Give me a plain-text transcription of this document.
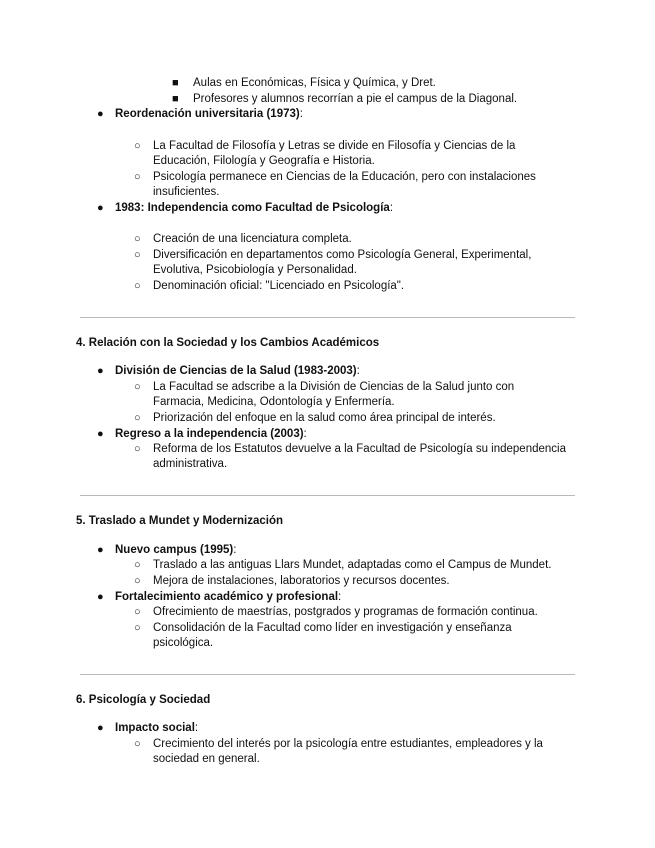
■ Aulas en Económicas, Física y Química, y Dret.
■ Profesores y alumnos recorrían a pie el campus de la Diagonal.
● Reordenación universitaria (1973):
○ La Facultad de Filosofía y Letras se divide en Filosofía y Ciencias de la
Educación, Filología y Geografía e Historia.
○ Psicología permanece en Ciencias de la Educación, pero con instalaciones
insuficientes.
● 1983: Independencia como Facultad de Psicología:
○ Creación de una licenciatura completa.
○ Diversificación en departamentos como Psicología General, Experimental,
Evolutiva, Psicobiología y Personalidad.
○ Denominación oficial: "Licenciado en Psicología".
4. Relación con la Sociedad y los Cambios Académicos
● División de Ciencias de la Salud (1983-2003):
○ La Facultad se adscribe a la División de Ciencias de la Salud junto con
Farmacia, Medicina, Odontología y Enfermería.
○ Priorización del enfoque en la salud como área principal de interés.
● Regreso a la independencia (2003):
○ Reforma de los Estatutos devuelve a la Facultad de Psicología su independencia
administrativa.
5. Traslado a Mundet y Modernización
● Nuevo campus (1995):
○ Traslado a las antiguas Llars Mundet, adaptadas como el Campus de Mundet.
○ Mejora de instalaciones, laboratorios y recursos docentes.
● Fortalecimiento académico y profesional:
○ Ofrecimiento de maestrías, postgrados y programas de formación continua.
○ Consolidación de la Facultad como líder en investigación y enseñanza
psicológica.
6. Psicología y Sociedad
● Impacto social:
○ Crecimiento del interés por la psicología entre estudiantes, empleadores y la
sociedad en general.
